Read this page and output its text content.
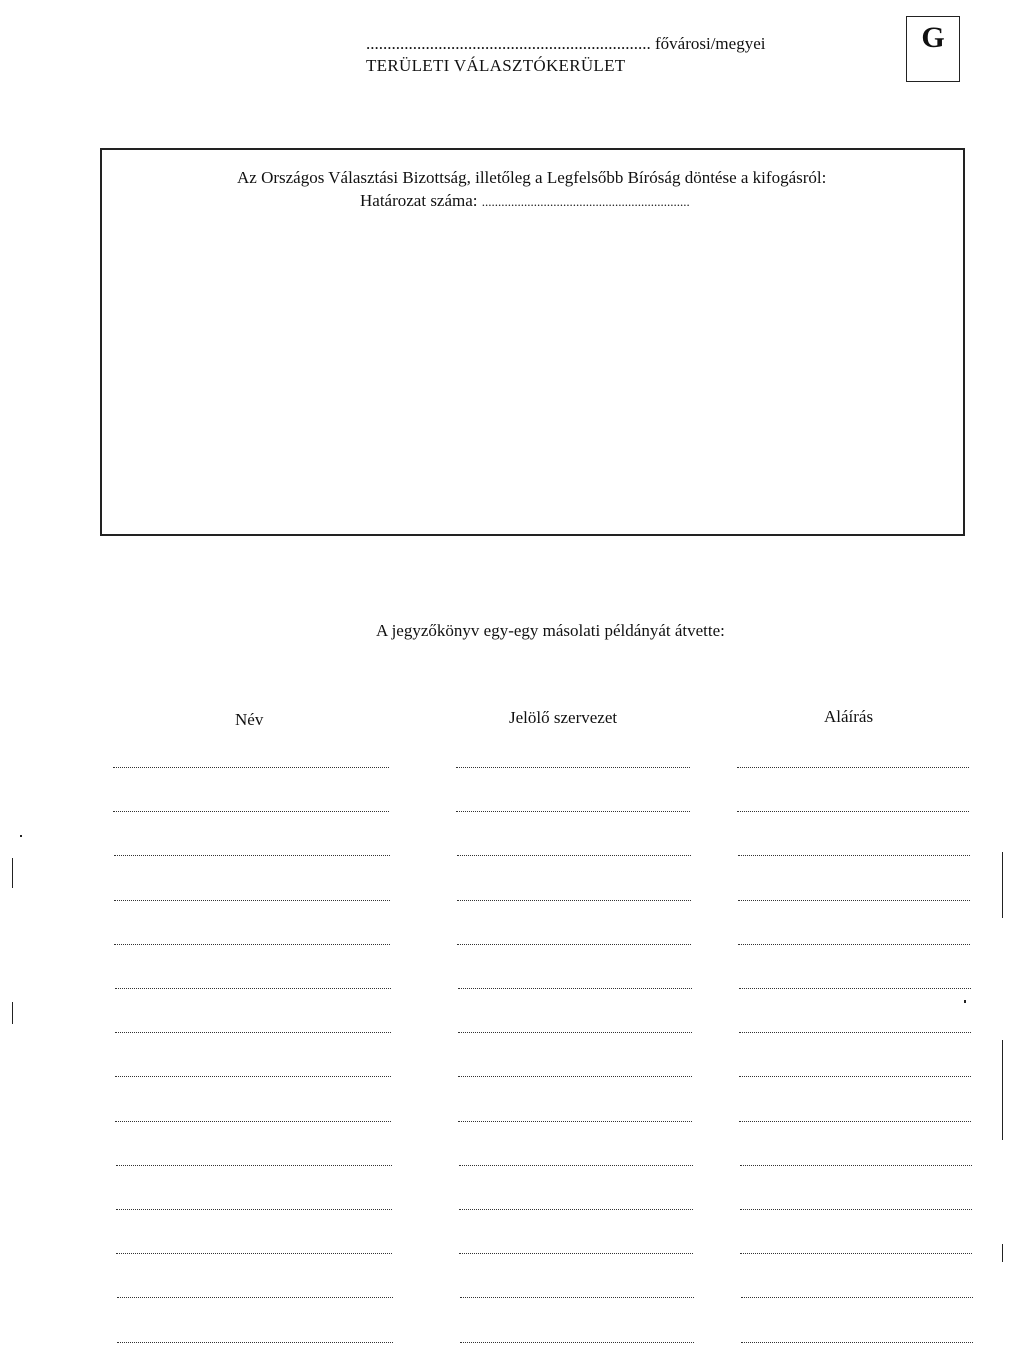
................................................................... fővárosi/megyei
TERÜLETI VÁLASZTÓKERÜLET
G
Az Országos Választási Bizottság, illetőleg a Legfelsőbb Bíróság döntése a kifogásról:
Határozat száma: ................................................................
A jegyzőkönyv egy-egy másolati példányát átvette:
Név	Jelölő szervezet	Aláírás
